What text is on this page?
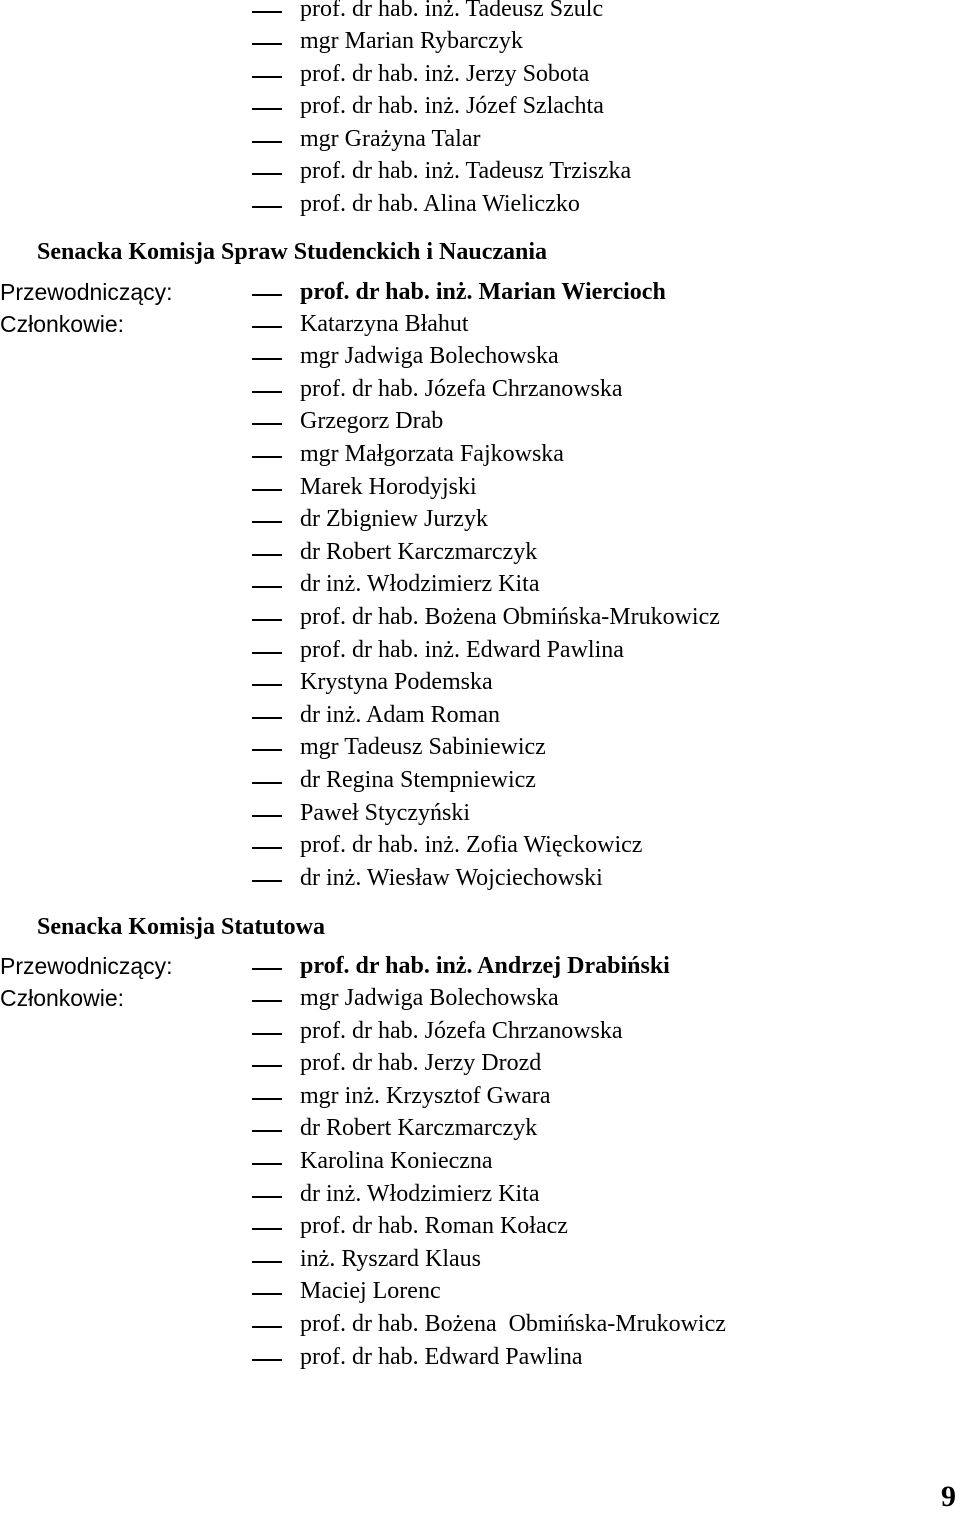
prof. dr hab. inż. Tadeusz Szulc
mgr Marian Rybarczyk
prof. dr hab. inż. Jerzy Sobota
prof. dr hab. inż. Józef Szlachta
mgr Grażyna Talar
prof. dr hab. inż. Tadeusz Trziszka
prof. dr hab. Alina Wieliczko
Senacka Komisja Spraw Studenckich i Nauczania
Przewodniczący:	prof. dr hab. inż. Marian Wiercioch
Członkowie:	Katarzyna Błahut
mgr Jadwiga Bolechowska
prof. dr hab. Józefa Chrzanowska
Grzegorz Drab
mgr Małgorzata Fajkowska
Marek Horodyjski
dr Zbigniew Jurzyk
dr Robert Karczmarczyk
dr inż. Włodzimierz Kita
prof. dr hab. Bożena Obmińska-Mrukowicz
prof. dr hab. inż. Edward Pawlina
Krystyna Podemska
dr inż. Adam Roman
mgr Tadeusz Sabiniewicz
dr Regina Stempniewicz
Paweł Styczyński
prof. dr hab. inż. Zofia Więckowicz
dr inż. Wiesław Wojciechowski
Senacka Komisja Statutowa
Przewodniczący:	prof. dr hab. inż. Andrzej Drabiński
Członkowie:	mgr Jadwiga Bolechowska
prof. dr hab. Józefa Chrzanowska
prof. dr hab. Jerzy Drozd
mgr inż. Krzysztof Gwara
dr Robert Karczmarczyk
Karolina Konieczna
dr inż. Włodzimierz Kita
prof. dr hab. Roman Kołacz
inż. Ryszard Klaus
Maciej Lorenc
prof. dr hab. Bożena  Obmińska-Mrukowicz
prof. dr hab. Edward Pawlina
9
